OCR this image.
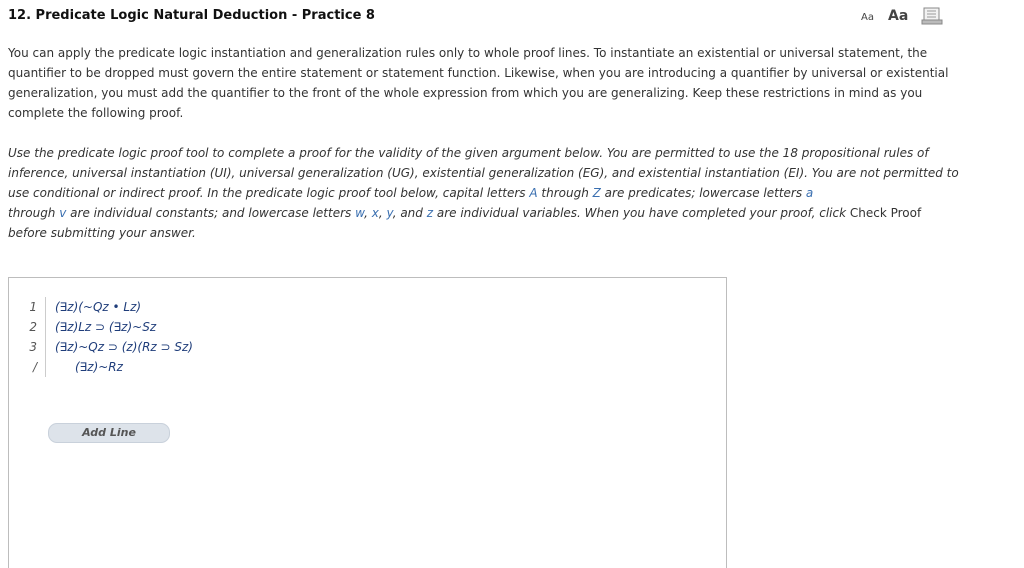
12. Predicate Logic Natural Deduction - Practice 8	Aa Aa
You can apply the predicate logic instantiation and generalization rules only to whole proof lines. To instantiate an existential or universal statement, the quantifier to be dropped must govern the entire statement or statement function. Likewise, when you are introducing a quantifier by universal or existential generalization, you must add the quantifier to the front of the whole expression from which you are generalizing. Keep these restrictions in mind as you complete the following proof.
Use the predicate logic proof tool to complete a proof for the validity of the given argument below. You are permitted to use the 18 propositional rules of inference, universal instantiation (UI), universal generalization (UG), existential generalization (EG), and existential instantiation (EI). You are not permitted to use conditional or indirect proof. In the predicate logic proof tool below, capital letters A through Z are predicates; lowercase letters a
through v are individual constants; and lowercase letters w, x, y, and z are individual variables. When you have completed your proof, click Check Proof before submitting your answer.
1 (∃z)(~Qz • Lz)
2 (∃z)Lz ⊃ (∃z)~Sz
3 (∃z)~Qz ⊃ (z)(Rz ⊃ Sz)
/	(∃z)~Rz
Add Line
